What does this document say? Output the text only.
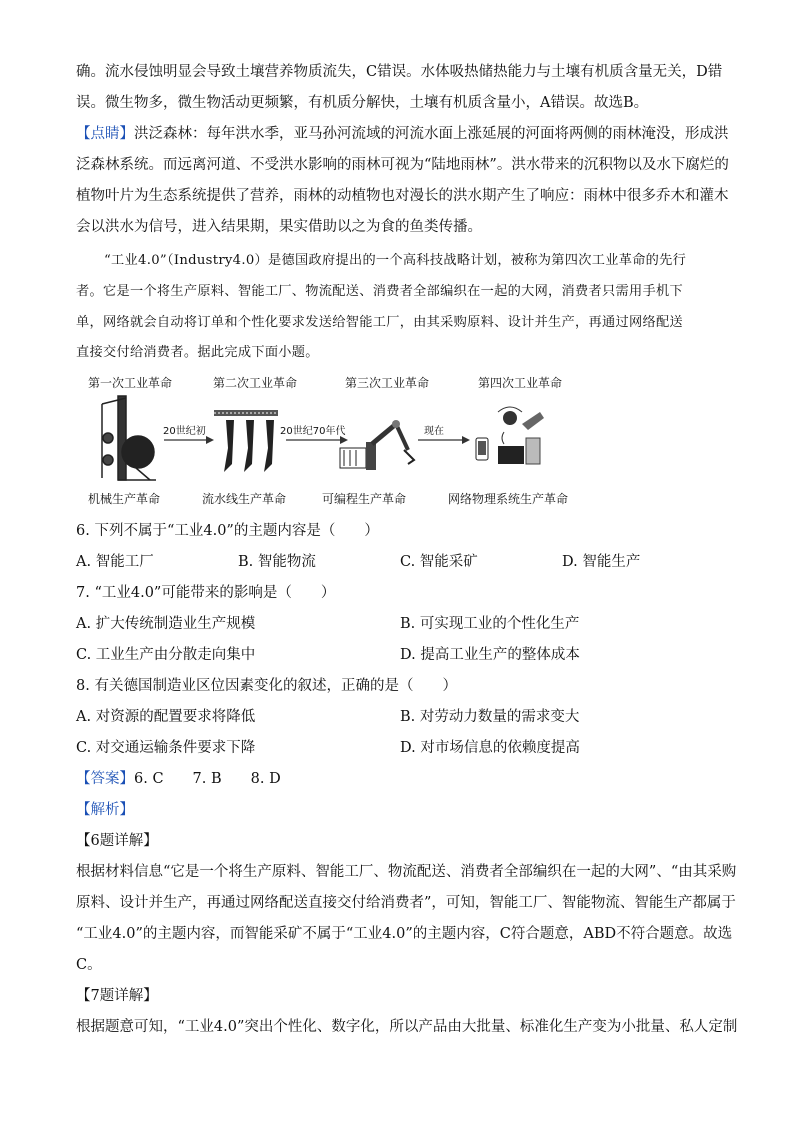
确。流水侵蚀明显会导致土壤营养物质流失，C错误。水体吸热储热能力与土壤有机质含量无关，D错
误。微生物多，微生物活动更频繁，有机质分解快，土壤有机质含量小，A错误。故选B。
【点睛】洪泛森林：每年洪水季，亚马孙河流域的河流水面上涨延展的河面将两侧的雨林淹没，形成洪
泛森林系统。而远离河道、不受洪水影响的雨林可视为“陆地雨林”。洪水带来的沉积物以及水下腐烂的
植物叶片为生态系统提供了营养，雨林的动植物也对漫长的洪水期产生了响应：雨林中很多乔木和灌木
会以洪水为信号，进入结果期，果实借助以之为食的鱼类传播。
“工业4.0”（Industry4.0）是德国政府提出的一个高科技战略计划，被称为第四次工业革命的先行
者。它是一个将生产原料、智能工厂、物流配送、消费者全部编织在一起的大网，消费者只需用手机下
单，网络就会自动将订单和个性化要求发送给智能工厂，由其采购原料、设计并生产，再通过网络配送
直接交付给消费者。据此完成下面小题。
第一次工业革命	第二次工业革命	第三次工业革命	第四次工业革命
20世纪初	20世纪70年代	现在
机械生产革命	流水线生产革命	可编程生产革命	网络物理系统生产革命
6. 下列不属于“工业4.0”的主题内容是（　　）
A. 智能工厂	B. 智能物流	C. 智能采矿	D. 智能生产
7. “工业4.0”可能带来的影响是（　　）
A. 扩大传统制造业生产规模	B. 可实现工业的个性化生产
C. 工业生产由分散走向集中	D. 提高工业生产的整体成本
8. 有关德国制造业区位因素变化的叙述，正确的是（　　）
A. 对资源的配置要求将降低	B. 对劳动力数量的需求变大
C. 对交通运输条件要求下降	D. 对市场信息的依赖度提高
【答案】6. C　　7. B　　8. D
【解析】
【6题详解】
根据材料信息“它是一个将生产原料、智能工厂、物流配送、消费者全部编织在一起的大网”、“由其采购
原料、设计并生产，再通过网络配送直接交付给消费者”，可知，智能工厂、智能物流、智能生产都属于
“工业4.0”的主题内容，而智能采矿不属于“工业4.0”的主题内容，C符合题意，ABD不符合题意。故选
C。
【7题详解】
根据题意可知，“工业4.0”突出个性化、数字化，所以产品由大批量、标准化生产变为小批量、私人定制
